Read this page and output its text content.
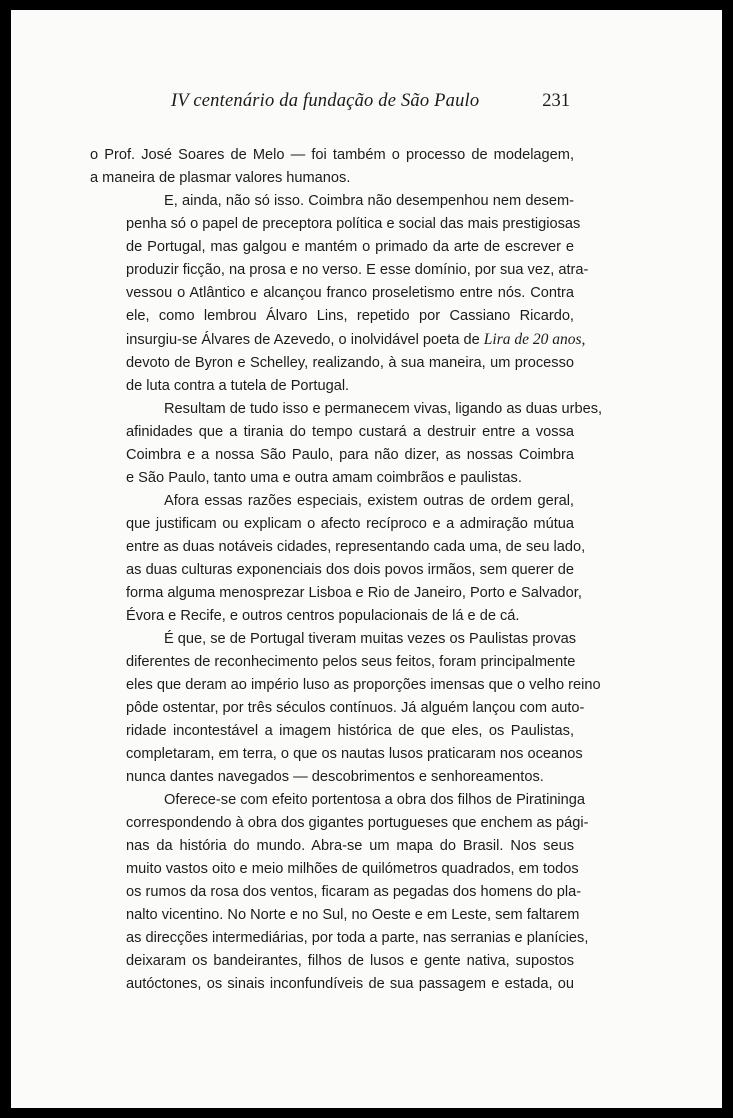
IV centenário da fundação de São Paulo	231

o Prof. José Soares de Melo — foi também o processo de modelagem,
a maneira de plasmar valores humanos.

E, ainda, não só isso. Coimbra não desempenhou nem desem-
penha só o papel de preceptora política e social das mais prestigiosas
de Portugal, mas galgou e mantém o primado da arte de escrever e
produzir ficção, na prosa e no verso. E esse domínio, por sua vez, atra-
vessou o Atlântico e alcançou franco proseletismo entre nós. Contra
ele, como lembrou Álvaro Lins, repetido por Cassiano Ricardo,
insurgiu-se Álvares de Azevedo, o inolvidável poeta de Lira de 20 anos,
devoto de Byron e Schelley, realizando, à sua maneira, um processo
de luta contra a tutela de Portugal.

Resultam de tudo isso e permanecem vivas, ligando as duas urbes,
afinidades que a tirania do tempo custará a destruir entre a vossa
Coimbra e a nossa São Paulo, para não dizer, as nossas Coimbra
e São Paulo, tanto uma e outra amam coimbrãos e paulistas.

Afora essas razões especiais, existem outras de ordem geral,
que justificam ou explicam o afecto recíproco e a admiração mútua
entre as duas notáveis cidades, representando cada uma, de seu lado,
as duas culturas exponenciais dos dois povos irmãos, sem querer de
forma alguma menosprezar Lisboa e Rio de Janeiro, Porto e Salvador,
Évora e Recife, e outros centros populacionais de lá e de cá.

É que, se de Portugal tiveram muitas vezes os Paulistas provas
diferentes de reconhecimento pelos seus feitos, foram principalmente
eles que deram ao império luso as proporções imensas que o velho reino
pôde ostentar, por três séculos contínuos. Já alguém lançou com auto-
ridade incontestável a imagem histórica de que eles, os Paulistas,
completaram, em terra, o que os nautas lusos praticaram nos oceanos
nunca dantes navegados — descobrimentos e senhoreamentos.

Oferece-se com efeito portentosa a obra dos filhos de Piratininga
correspondendo à obra dos gigantes portugueses que enchem as pági-
nas da história do mundo. Abra-se um mapa do Brasil. Nos seus
muito vastos oito e meio milhões de quilómetros quadrados, em todos
os rumos da rosa dos ventos, ficaram as pegadas dos homens do pla-
nalto vicentino. No Norte e no Sul, no Oeste e em Leste, sem faltarem
as direcções intermediárias, por toda a parte, nas serranias e planícies,
deixaram os bandeirantes, filhos de lusos e gente nativa, supostos
autóctones, os sinais inconfundíveis de sua passagem e estada, ou
